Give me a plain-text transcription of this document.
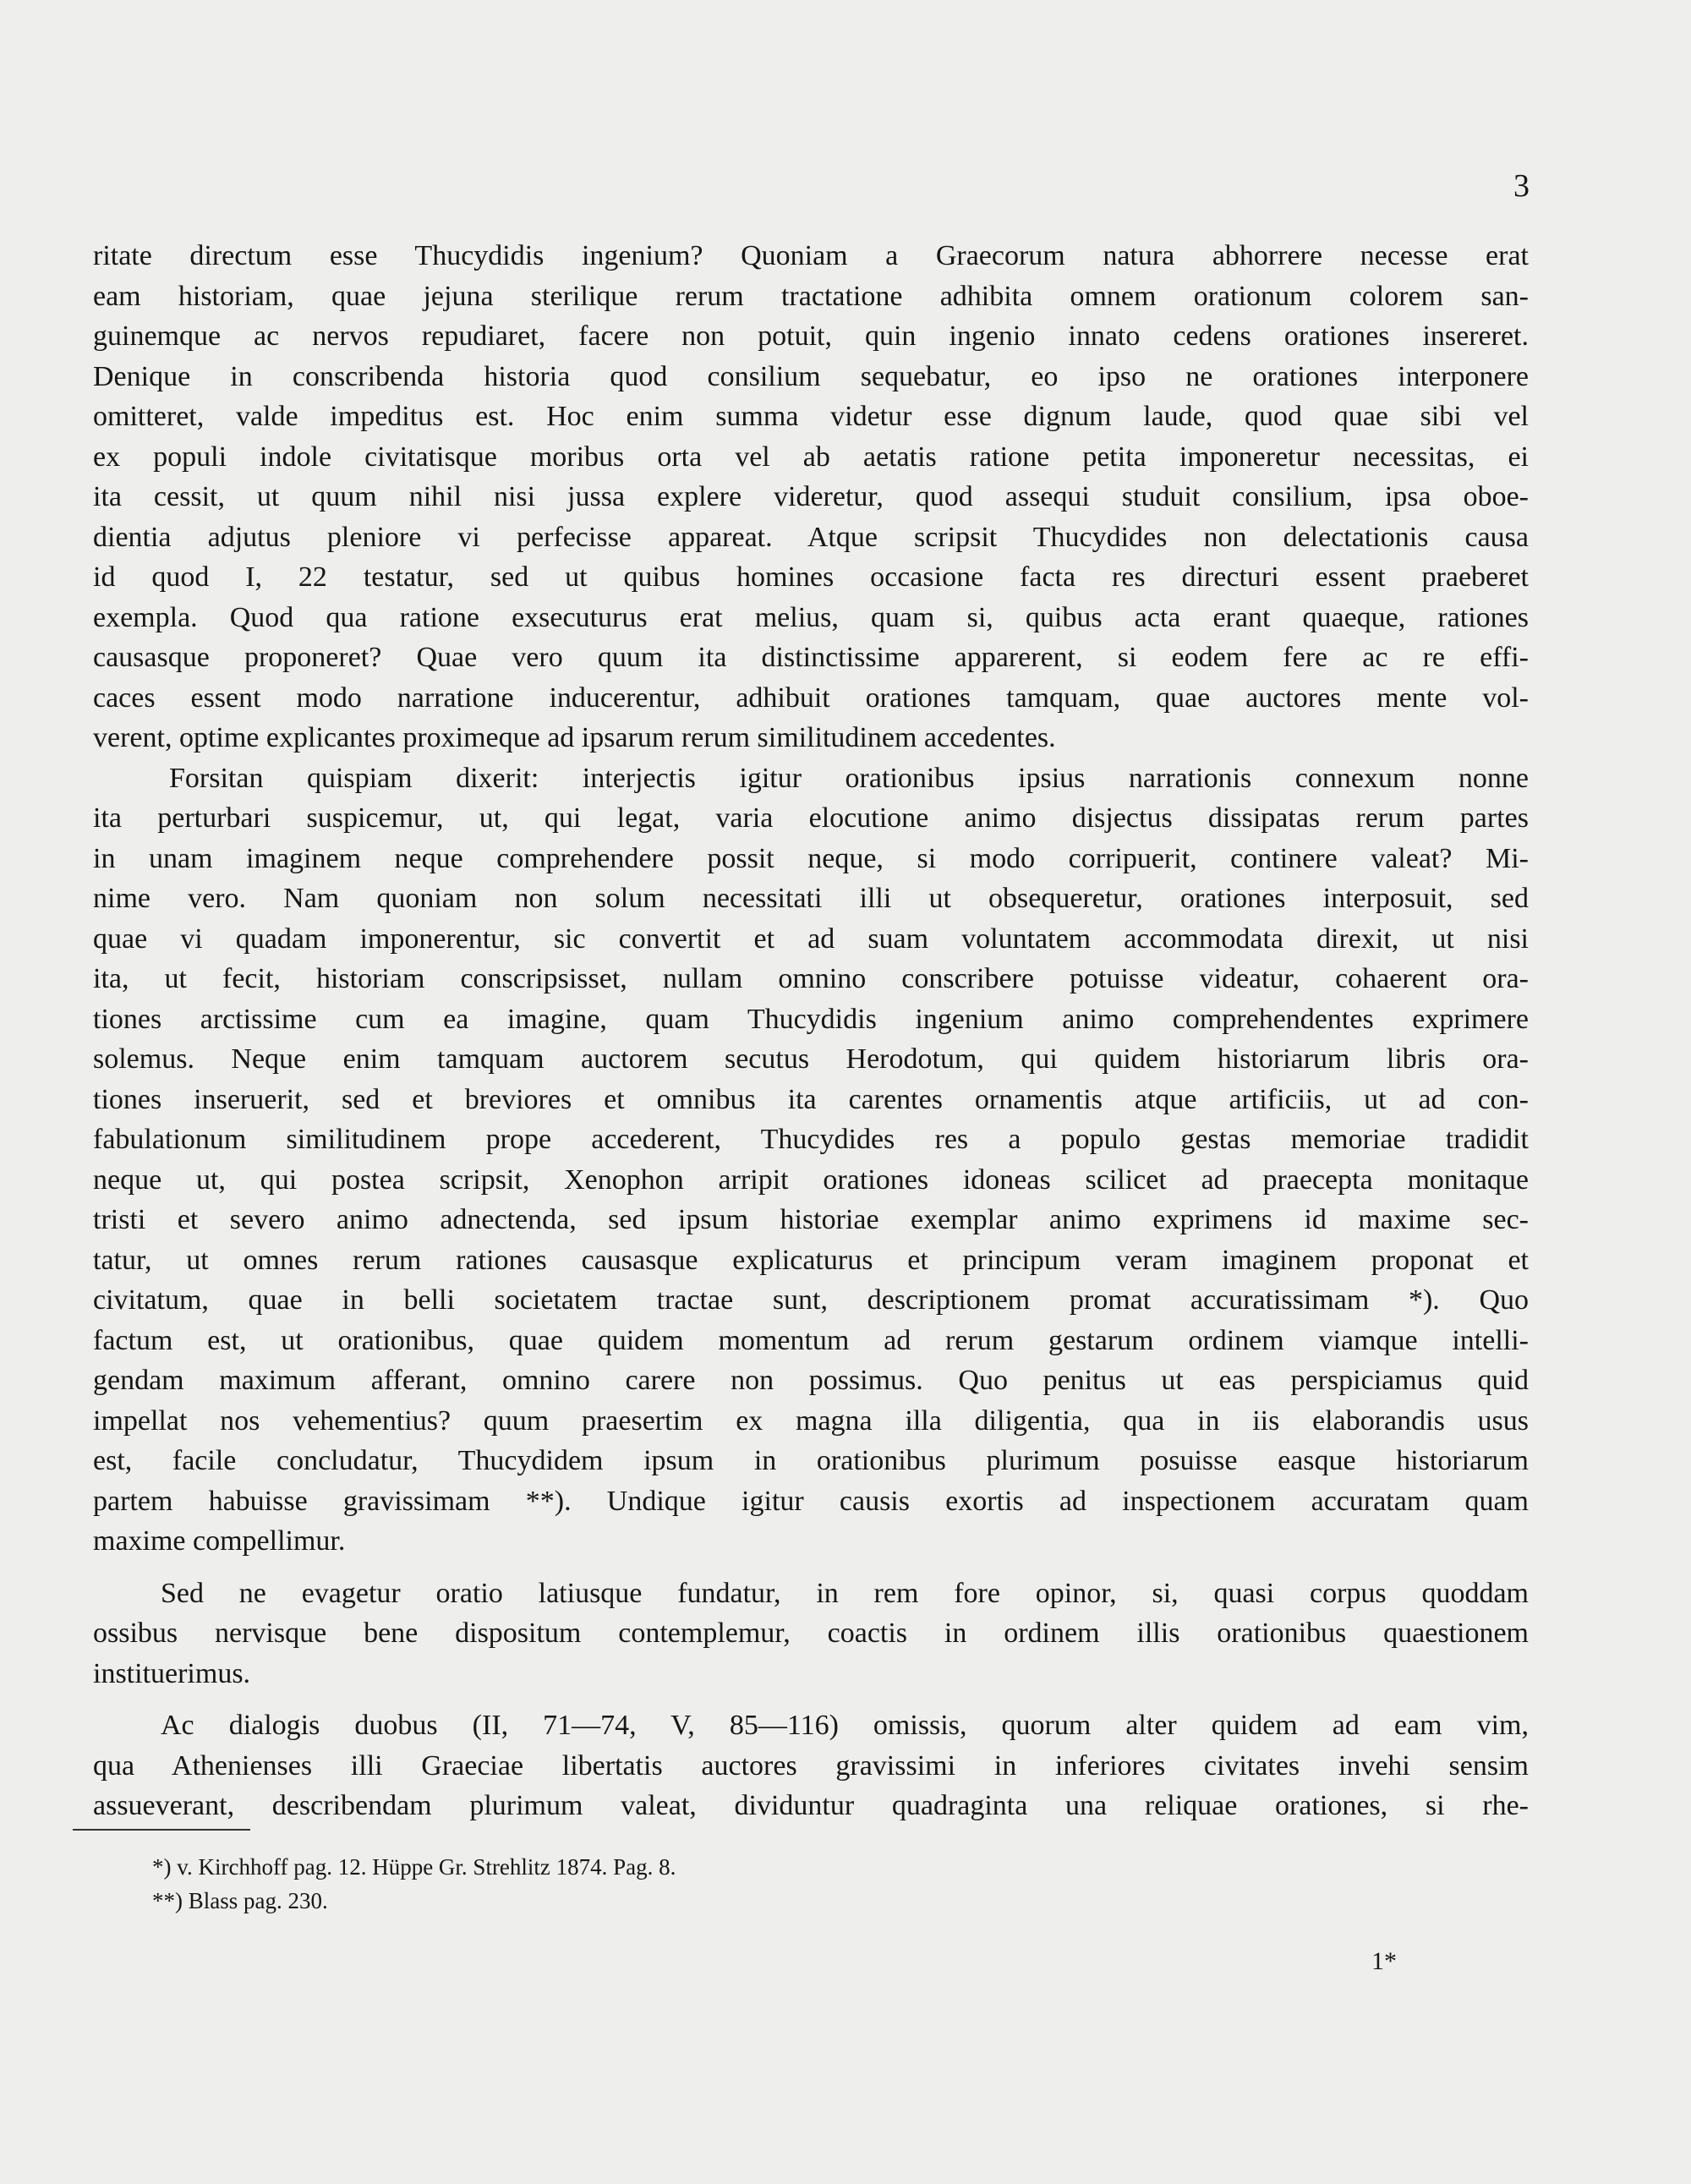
3
ritate directum esse Thucydidis ingenium? Quoniam a Graecorum natura abhorrere necesse erat
eam historiam, quae jejuna sterilique rerum tractatione adhibita omnem orationum colorem san-
guinemque ac nervos repudiaret, facere non potuit, quin ingenio innato cedens orationes insereret.
Denique in conscribenda historia quod consilium sequebatur, eo ipso ne orationes interponere
omitteret, valde impeditus est. Hoc enim summa videtur esse dignum laude, quod quae sibi vel
ex populi indole civitatisque moribus orta vel ab aetatis ratione petita imponeretur necessitas, ei
ita cessit, ut quum nihil nisi jussa explere videretur, quod assequi studuit consilium, ipsa oboe-
dientia adjutus pleniore vi perfecisse appareat. Atque scripsit Thucydides non delectationis causa
id quod I, 22 testatur, sed ut quibus homines occasione facta res directuri essent praeberet
exempla. Quod qua ratione exsecuturus erat melius, quam si, quibus acta erant quaeque, rationes
causasque proponeret? Quae vero quum ita distinctissime apparerent, si eodem fere ac re effi-
caces essent modo narratione inducerentur, adhibuit orationes tamquam, quae auctores mente vol-
verent, optime explicantes proximeque ad ipsarum rerum similitudinem accedentes.
Forsitan quispiam dixerit: interjectis igitur orationibus ipsius narrationis connexum nonne
ita perturbari suspicemur, ut, qui legat, varia elocutione animo disjectus dissipatas rerum partes
in unam imaginem neque comprehendere possit neque, si modo corripuerit, continere valeat? Mi-
nime vero. Nam quoniam non solum necessitati illi ut obsequeretur, orationes interposuit, sed
quae vi quadam imponerentur, sic convertit et ad suam voluntatem accommodata direxit, ut nisi
ita, ut fecit, historiam conscripsisset, nullam omnino conscribere potuisse videatur, cohaerent ora-
tiones arctissime cum ea imagine, quam Thucydidis ingenium animo comprehendentes exprimere
solemus. Neque enim tamquam auctorem secutus Herodotum, qui quidem historiarum libris ora-
tiones inseruerit, sed et breviores et omnibus ita carentes ornamentis atque artificiis, ut ad con-
fabulationum similitudinem prope accederent, Thucydides res a populo gestas memoriae tradidit
neque ut, qui postea scripsit, Xenophon arripit orationes idoneas scilicet ad praecepta monitaque
tristi et severo animo adnectenda, sed ipsum historiae exemplar animo exprimens id maxime sec-
tatur, ut omnes rerum rationes causasque explicaturus et principum veram imaginem proponat et
civitatum, quae in belli societatem tractae sunt, descriptionem promat accuratissimam *). Quo
factum est, ut orationibus, quae quidem momentum ad rerum gestarum ordinem viamque intelli-
gendam maximum afferant, omnino carere non possimus. Quo penitus ut eas perspiciamus quid
impellat nos vehementius? quum praesertim ex magna illa diligentia, qua in iis elaborandis usus
est, facile concludatur, Thucydidem ipsum in orationibus plurimum posuisse easque historiarum
partem habuisse gravissimam **). Undique igitur causis exortis ad inspectionem accuratam quam
maxime compellimur.
Sed ne evagetur oratio latiusque fundatur, in rem fore opinor, si, quasi corpus quoddam
ossibus nervisque bene dispositum contemplemur, coactis in ordinem illis orationibus quaestionem
instituerimus.
Ac dialogis duobus (II, 71—74, V, 85—116) omissis, quorum alter quidem ad eam vim,
qua Athenienses illi Graeciae libertatis auctores gravissimi in inferiores civitates invehi sensim
assueverant, describendam plurimum valeat, dividuntur quadraginta una reliquae orationes, si rhe-
*) v. Kirchhoff pag. 12. Hüppe Gr. Strehlitz 1874. Pag. 8.
**) Blass pag. 230.
1*
